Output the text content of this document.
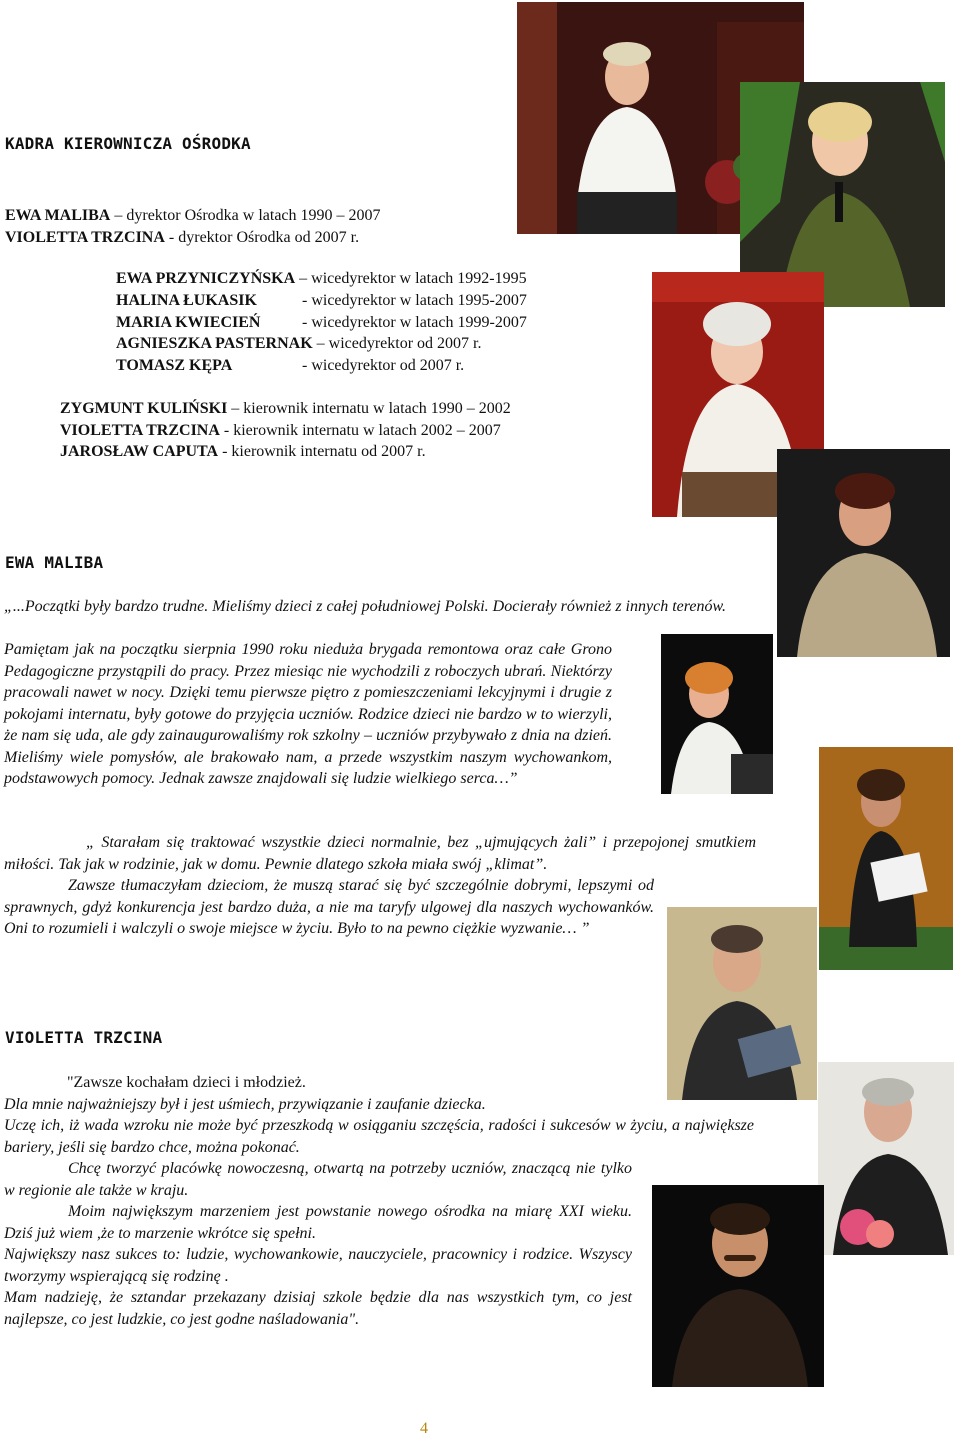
KADRA KIEROWNICZA OŚRODKA
EWA MALIBA – dyrektor Ośrodka w latach 1990 – 2007
VIOLETTA TRZCINA - dyrektor Ośrodka od 2007 r.
EWA PRZYNICZYŃSKA – wicedyrektor w latach 1992-1995
HALINA ŁUKASIK	- wicedyrektor w latach 1995-2007
MARIA KWIECIEŃ	- wicedyrektor w latach 1999-2007
AGNIESZKA PASTERNAK – wicedyrektor od 2007 r.
TOMASZ KĘPA	- wicedyrektor od 2007 r.
ZYGMUNT KULIŃSKI – kierownik internatu w latach 1990 – 2002
VIOLETTA TRZCINA - kierownik internatu w latach 2002 – 2007
JAROSŁAW CAPUTA - kierownik internatu od 2007 r.
EWA MALIBA
„...Początki były bardzo trudne. Mieliśmy dzieci z całej południowej Polski. Docierały również z innych terenów.
Pamiętam jak na początku sierpnia 1990 roku nieduża brygada remontowa oraz całe Grono Pedagogiczne przystąpili do pracy. Przez miesiąc nie wychodzili z roboczych ubrań. Niektórzy pracowali nawet w nocy. Dzięki temu pierwsze piętro z pomieszczeniami lekcyjnymi i drugie z pokojami internatu, były gotowe do przyjęcia uczniów. Rodzice dzieci nie bardzo w to wierzyli, że nam się uda, ale gdy zainaugurowaliśmy rok szkolny – uczniów przybywało z dnia na dzień. Mieliśmy wiele pomysłów, ale brakowało nam, a przede wszystkim naszym wychowankom, podstawowych pomocy. Jednak zawsze znajdowali się ludzie wielkiego serca…”
„ Starałam się traktować wszystkie dzieci normalnie, bez „ujmujących żali” i przepojonej smutkiem miłości. Tak jak w rodzinie, jak w domu. Pewnie dlatego szkoła miała swój „klimat”.
Zawsze tłumaczyłam dzieciom, że muszą starać się być szczególnie dobrymi, lepszymi od sprawnych, gdyż konkurencja jest bardzo duża, a nie ma taryfy ulgowej dla naszych wychowanków. Oni to rozumieli i walczyli o swoje miejsce w życiu. Było to na pewno ciężkie wyzwanie… ”
VIOLETTA TRZCINA
"Zawsze kochałam dzieci i młodzież.
Dla mnie najważniejszy był i jest uśmiech, przywiązanie i zaufanie dziecka.
Uczę ich, iż wada wzroku nie może być przeszkodą w osiąganiu szczęścia, radości i sukcesów w życiu, a największe bariery, jeśli się bardzo chce, można pokonać.
Chcę tworzyć placówkę nowoczesną, otwartą na potrzeby uczniów, znaczącą nie tylko w regionie ale także w kraju.
Moim największym marzeniem jest powstanie nowego ośrodka na miarę XXI wieku. Dziś już wiem ,że to marzenie wkrótce się spełni.
Największy nasz sukces to: ludzie, wychowankowie, nauczyciele, pracownicy i rodzice. Wszyscy tworzymy wspierającą się rodzinę .
Mam nadzieję, że sztandar przekazany dzisiaj szkole będzie dla nas wszystkich tym, co jest najlepsze, co jest ludzkie, co jest godne naśladowania".
4
